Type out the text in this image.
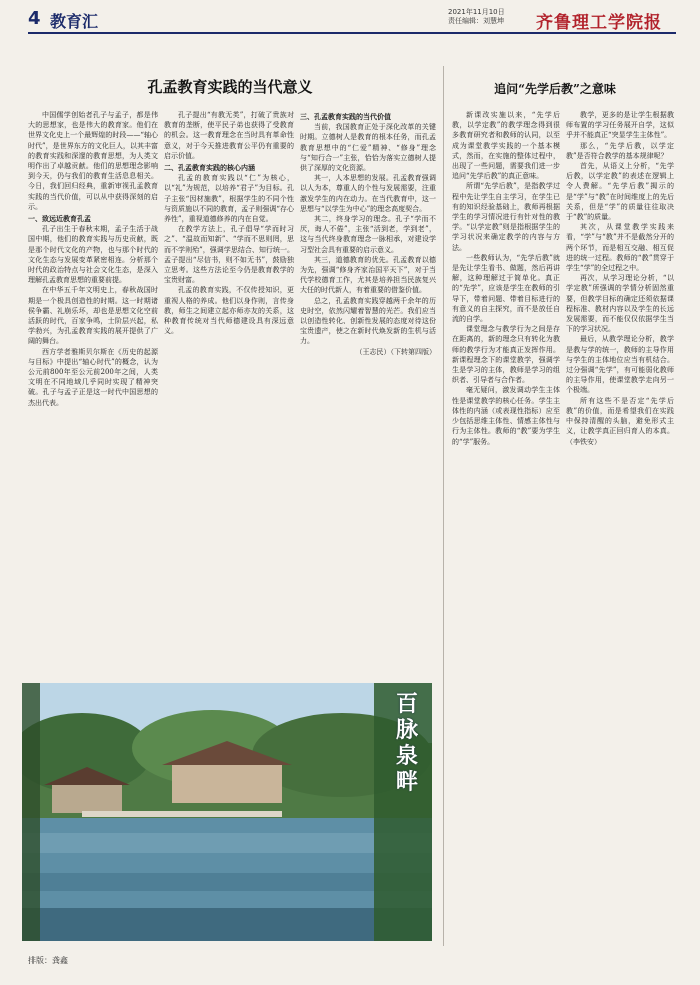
4 教育汇	2021年11月10日
责任编辑：刘慧坤 齐鲁理工学院报
孔孟教育实践的当代意义	追问“先学后教”之意味

中国儒学创始者孔子与孟子，都是伟大的思想家，也是伟大的教育家。他们在世界文化史上一个最辉煌的时段——“轴心时代”，是世界东方的文化巨人，以其丰富的教育实践和深邃的教育思想，为人类文明作出了卓越贡献。他们的思想理念影响到今天，仍与我们的教育生活息息相关。今日，我们回归经典，重新审视孔孟教育实践的当代价值，可以从中获得深刻的启示。

一、致远近教育孔孟

孔子出生于春秋末期，孟子生活于战国中期，他们的教育实践与历史贡献，既是那个时代文化的产物，也与那个时代的文化生态与发展变革紧密相连。分析那个时代的政治特点与社会文化生态，是深入理解孔孟教育思想的重要前提。

在中华五千年文明史上，春秋战国时期是一个极具创造性的时期。这一时期诸侯争霸、礼崩乐坏，却也是思想文化空前活跃的时代，百家争鸣，士阶层兴起，私学勃兴，为孔孟教育实践的展开提供了广阔的舞台。

西方学者雅斯贝尔斯在《历史的起源与目标》中提出“轴心时代”的概念，认为公元前800年至公元前200年之间，人类文明在不同地域几乎同时实现了精神突破。孔子与孟子正是这一时代中国思想的杰出代表。

孔子提出“有教无类”，打破了贵族对教育的垄断，使平民子弟也获得了受教育的机会。这一教育理念在当时具有革命性意义，对于今天推进教育公平仍有重要的启示价值。

二、孔孟教育实践的核心内涵

孔孟的教育实践以“仁”为核心，以“礼”为规范，以培养“君子”为目标。孔子主张“因材施教”，根据学生的不同个性与资质施以不同的教育，孟子则强调“存心养性”，重视道德修养的内在自觉。

在教学方法上，孔子倡导“学而时习之”、“温故而知新”、“学而不思则罔，思而不学则殆”，强调学思结合、知行统一。孟子提出“尽信书，则不如无书”，鼓励独立思考。这些方法论至今仍是教育教学的宝贵财富。

孔孟的教育实践，不仅传授知识，更重视人格的养成。他们以身作则，言传身教，师生之间建立起亦师亦友的关系，这种教育传统对当代师德建设具有深远意义。

三、孔孟教育实践的当代价值

当前，我国教育正处于深化改革的关键时期。立德树人是教育的根本任务，而孔孟教育思想中的“仁爱”精神、“修身”理念与“知行合一”主张，恰恰为落实立德树人提供了深厚的文化资源。

其一，人本思想的发展。孔孟教育强调以人为本，尊重人的个性与发展需要，注重激发学生的内在动力。在当代教育中，这一思想与“以学生为中心”的理念高度契合。

其二，终身学习的理念。孔子“学而不厌，诲人不倦”，主张“活到老，学到老”，这与当代终身教育理念一脉相承，对建设学习型社会具有重要的启示意义。

其三，道德教育的优先。孔孟教育以德为先，强调“修身齐家治国平天下”，对于当代学校德育工作，尤其是培养担当民族复兴大任的时代新人，有着重要的借鉴价值。

总之，孔孟教育实践穿越两千余年的历史时空，依然闪耀着智慧的光芒。我们应当以创造性转化、创新性发展的态度对待这份宝贵遗产，使之在新时代焕发新的生机与活力。

（王志民）（下转第四版）

百脉泉畔

新课改实施以来，“先学后教，以学定教”的教学理念得到很多教育研究者和教师的认同，以至成为课堂教学实践的一个基本模式，然而，在实施的整体过程中，出现了一些问题，需要我们进一步追问“先学后教”的真正意味。

所谓“先学后教”，是指教学过程中先让学生自主学习，在学生已有的知识经验基础上，教师再根据学生的学习情况进行有针对性的教学。“以学定教”则是指根据学生的学习状况来确定教学的内容与方法。

一些教师认为，“先学后教”就是先让学生看书、做题，然后再讲解，这种理解过于简单化。真正的“先学”，应该是学生在教师的引导下，带着问题、带着目标进行的有意义的自主探究，而不是放任自流的自学。

课堂理念与教学行为之间是存在距离的，新的理念只有转化为教师的教学行为才能真正发挥作用。新课程理念下的课堂教学，强调学生是学习的主体，教师是学习的组织者、引导者与合作者。

毫无疑问，激发调动学生主体性是课堂教学的核心任务。学生主体性的内涵（或表现性指标）应至少包括思维主体性、情感主体性与行为主体性。教师的“教”要为学生的“学”服务。

教学，更多的是让学生根据教师布置的学习任务展开自学，这似乎并不能真正“突显学生主体性”。

那么，“先学后教，以学定教”是否符合教学的基本规律呢？

首先，从语义上分析，“先学后教，以学定教”的表述在逻辑上令人费解。“先学后教”揭示的是“学”与“教”在时间维度上的先后关系，但是“学”的质量往往取决于“教”的质量。

其次，从课堂教学实践来看，“学”与“教”并不是截然分开的两个环节，而是相互交融、相互促进的统一过程。教师的“教”贯穿于学生“学”的全过程之中。

再次，从学习理论分析，“以学定教”所强调的学情分析固然重要，但教学目标的确定还须依据课程标准、教材内容以及学生的长远发展需要，而不能仅仅依据学生当下的学习状况。

最后，从教学理论分析，教学是教与学的统一，教师的主导作用与学生的主体地位应当有机结合。过分强调“先学”，有可能弱化教师的主导作用，使课堂教学走向另一个极端。

所有这些不是否定“先学后教”的价值，而是希望我们在实践中保持清醒的头脑，避免形式主义，让教学真正回归育人的本真。（李铁安）

排版：龚鑫
